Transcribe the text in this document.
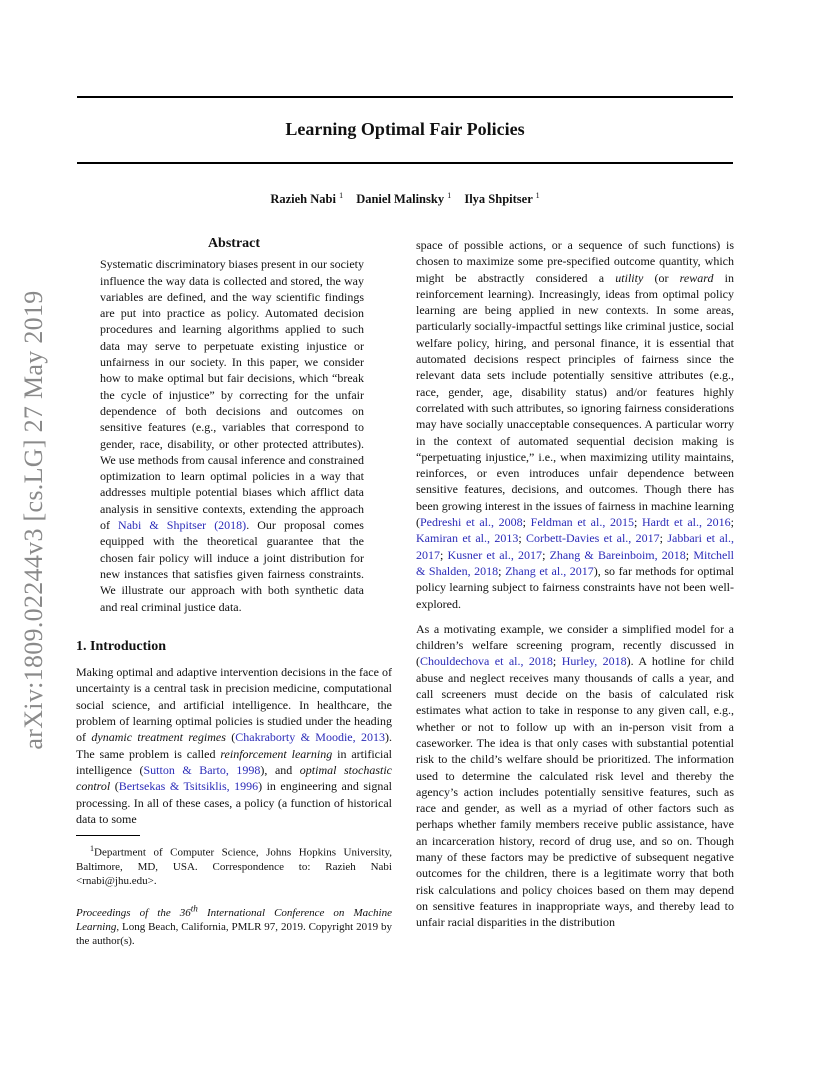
Learning Optimal Fair Policies
Razieh Nabi $^1$ Daniel Malinsky $^1$ Ilya Shpitser $^1$
arXiv:1809.02244v3 [cs.LG] 27 May 2019
Abstract

Systematic discriminatory biases present in our society influence the way data is collected and stored, the way variables are defined, and the way scientific findings are put into practice as policy. Automated decision procedures and learning algorithms applied to such data may serve to perpetuate existing injustice or unfairness in our society. In this paper, we consider how to make optimal but fair decisions, which “break the cycle of injustice” by correcting for the unfair dependence of both decisions and outcomes on sensitive features (e.g., variables that correspond to gender, race, disability, or other protected attributes). We use methods from causal inference and constrained optimization to learn optimal policies in a way that addresses multiple potential biases which afflict data analysis in sensitive contexts, extending the approach of Nabi & Shpitser (2018). Our proposal comes equipped with the theoretical guarantee that the chosen fair policy will induce a joint distribution for new instances that satisfies given fairness constraints. We illustrate our approach with both synthetic data and real criminal justice data.

1. Introduction

Making optimal and adaptive intervention decisions in the face of uncertainty is a central task in precision medicine, computational social science, and artificial intelligence. In healthcare, the problem of learning optimal policies is studied under the heading of dynamic treatment regimes (Chakraborty & Moodie, 2013). The same problem is called reinforcement learning in artificial intelligence (Sutton & Barto, 1998), and optimal stochastic control (Bertsekas & Tsitsiklis, 1996) in engineering and signal processing. In all of these cases, a policy (a function of historical data to some

$^1$Department of Computer Science, Johns Hopkins University, Baltimore, MD, USA. Correspondence to: Razieh Nabi <rnabi@jhu.edu>.

Proceedings of the 36th International Conference on Machine Learning, Long Beach, California, PMLR 97, 2019. Copyright 2019 by the author(s).

space of possible actions, or a sequence of such functions) is chosen to maximize some pre-specified outcome quantity, which might be abstractly considered a utility (or reward in reinforcement learning). Increasingly, ideas from optimal policy learning are being applied in new contexts. In some areas, particularly socially-impactful settings like criminal justice, social welfare policy, hiring, and personal finance, it is essential that automated decisions respect principles of fairness since the relevant data sets include potentially sensitive attributes (e.g., race, gender, age, disability status) and/or features highly correlated with such attributes, so ignoring fairness considerations may have socially unacceptable consequences. A particular worry in the context of automated sequential decision making is “perpetuating injustice,” i.e., when maximizing utility maintains, reinforces, or even introduces unfair dependence between sensitive features, decisions, and outcomes. Though there has been growing interest in the issues of fairness in machine learning (Pedreshi et al., 2008; Feldman et al., 2015; Hardt et al., 2016; Kamiran et al., 2013; Corbett-Davies et al., 2017; Jabbari et al., 2017; Kusner et al., 2017; Zhang & Bareinboim, 2018; Mitchell & Shalden, 2018; Zhang et al., 2017), so far methods for optimal policy learning subject to fairness constraints have not been well-explored.

As a motivating example, we consider a simplified model for a children’s welfare screening program, recently discussed in (Chouldechova et al., 2018; Hurley, 2018). A hotline for child abuse and neglect receives many thousands of calls a year, and call screeners must decide on the basis of calculated risk estimates what action to take in response to any given call, e.g., whether or not to follow up with an in-person visit from a caseworker. The idea is that only cases with substantial potential risk to the child’s welfare should be prioritized. The information used to determine the calculated risk level and thereby the agency’s action includes potentially sensitive features, such as race and gender, as well as a myriad of other factors such as perhaps whether family members receive public assistance, have an incarceration history, record of drug use, and so on. Though many of these factors may be predictive of subsequent negative outcomes for the children, there is a legitimate worry that both risk calculations and policy choices based on them may depend on sensitive features in inappropriate ways, and thereby lead to unfair racial disparities in the distribution
